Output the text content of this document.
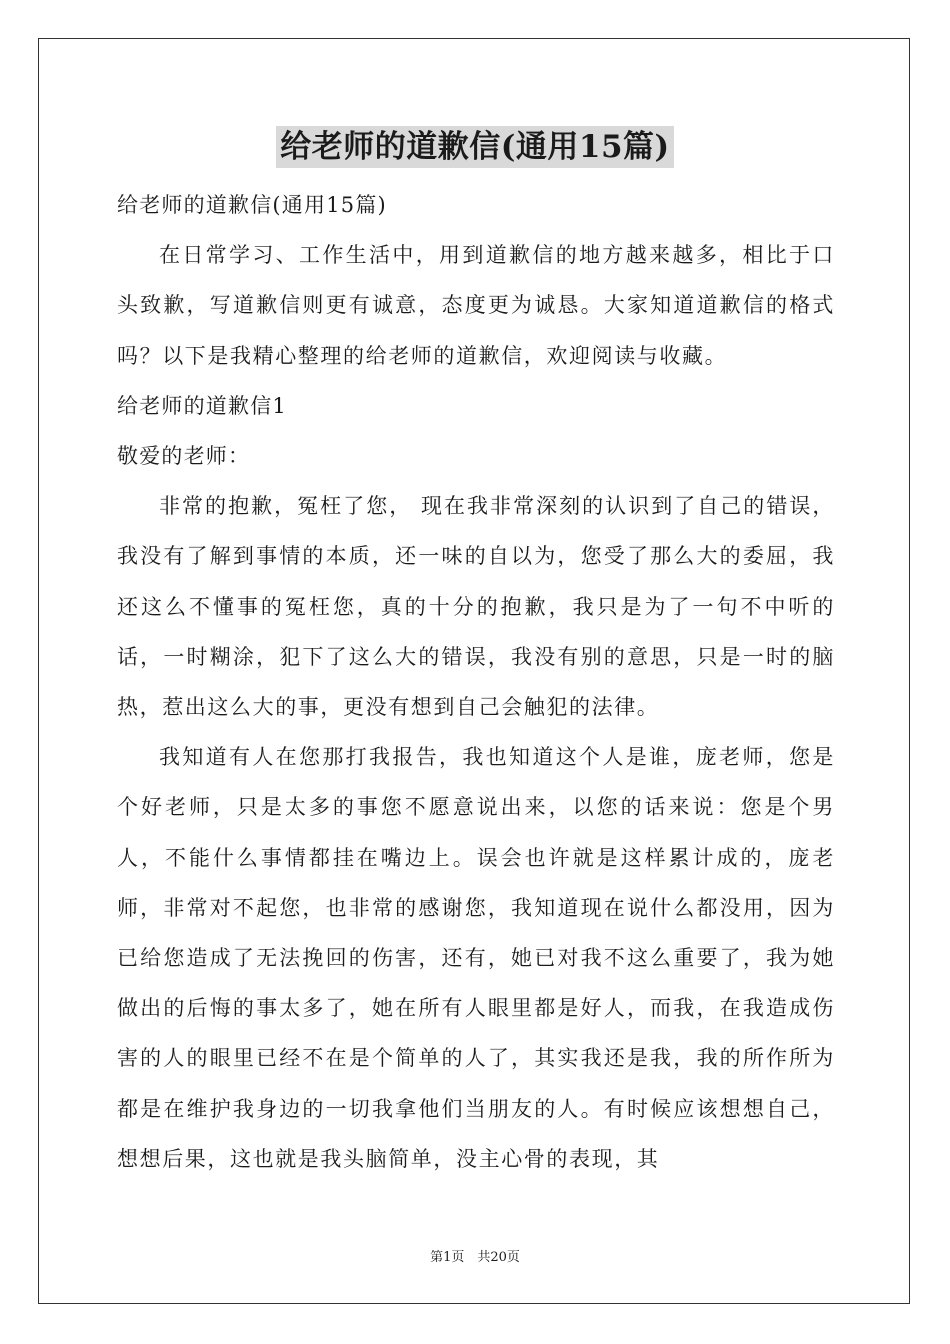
给老师的道歉信(通用15篇)
给老师的道歉信(通用15篇)
在日常学习、工作生活中，用到道歉信的地方越来越多，相比于口头致歉，写道歉信则更有诚意，态度更为诚恳。大家知道道歉信的格式吗？以下是我精心整理的给老师的道歉信，欢迎阅读与收藏。
给老师的道歉信1
敬爱的老师：
非常的抱歉，冤枉了您， 现在我非常深刻的认识到了自己的错误，我没有了解到事情的本质，还一味的自以为，您受了那么大的委屈，我还这么不懂事的冤枉您，真的十分的抱歉，我只是为了一句不中听的话，一时糊涂，犯下了这么大的错误，我没有别的意思，只是一时的脑热，惹出这么大的事，更没有想到自己会触犯的法律。
我知道有人在您那打我报告，我也知道这个人是谁，庞老师，您是个好老师，只是太多的事您不愿意说出来，以您的话来说：您是个男人，不能什么事情都挂在嘴边上。误会也许就是这样累计成的，庞老师，非常对不起您，也非常的感谢您，我知道现在说什么都没用，因为已给您造成了无法挽回的伤害，还有，她已对我不这么重要了，我为她做出的后悔的事太多了，她在所有人眼里都是好人，而我，在我造成伤害的人的眼里已经不在是个简单的人了，其实我还是我，我的所作所为都是在维护我身边的一切我拿他们当朋友的人。有时候应该想想自己，想想后果，这也就是我头脑简单，没主心骨的表现，其
第1页　共20页
